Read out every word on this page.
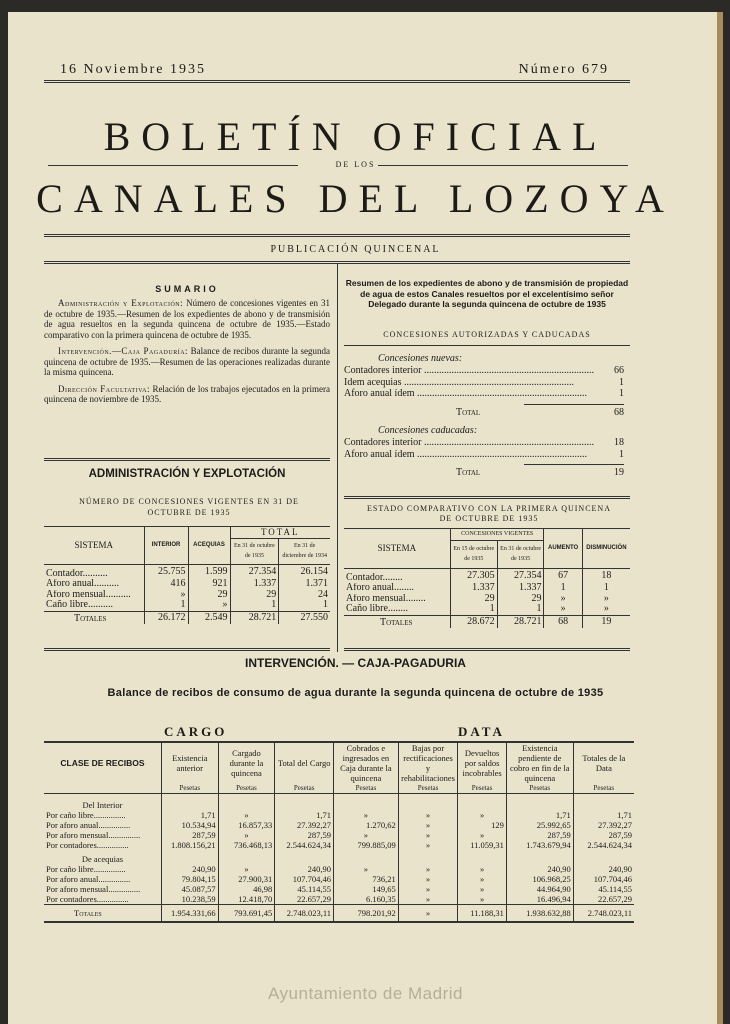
16 Noviembre 1935	Número 679
BOLETÍN OFICIAL
DE LOS
CANALES DEL LOZOYA
PUBLICACIÓN QUINCENAL
SUMARIO
Administración y Explotación: Número de concesiones vigentes en 31 de octubre de 1935.—Resumen de los expedientes de abono y de transmisión de agua resueltos en la segunda quincena de octubre de 1935.—Estado comparativo con la primera quincena de octubre de 1935.
Intervención.—Caja Pagaduría: Balance de recibos durante la segunda quincena de octubre de 1935.—Resumen de las operaciones realizadas durante la misma quincena.
Dirección Facultativa: Relación de los trabajos ejecutados en la primera quincena de noviembre de 1935.
ADMINISTRACIÓN Y EXPLOTACIÓN
NÚMERO DE CONCESIONES VIGENTES EN 31 DE OCTUBRE DE 1935
SISTEMA	INTERIOR	ACEQUIAS	TOTAL	
			En 31 de octubre de 1935	En 31 de diciembre de 1934
Contador..........	25.755	1.599	27.354	26.154
Aforo anual..........	416	921	1.337	1.371
Aforo mensual..........	»	29	29	24
Caño libre..........	1	»	1	1
Totales	26.172	2.549	28.721	27.550
Resumen de los expedientes de abono y de transmisión de propiedad de agua de estos Canales resueltos por el excelentísimo señor Delegado durante la segunda quincena de octubre de 1935
CONCESIONES AUTORIZADAS Y CADUCADAS
Concesiones nuevas:
Contadores interior ....................................................................	66
Idem acequias ....................................................................	1
Aforo anual ídem ....................................................................	1
Total	68
Concesiones caducadas:
Contadores interior ....................................................................	18
Aforo anual ídem ....................................................................	1
Total	19
ESTADO COMPARATIVO CON LA PRIMERA QUINCENA DE OCTUBRE DE 1935
SISTEMA	CONCESIONES VIGENTES		AUMENTO	DISMINUCIÓN
	En 15 de octubre de 1935	En 31 de octubre de 1935		
Contador........	27.305	27.354	67	18
Aforo anual........	1.337	1.337	1	1
Aforo mensual........	29	29	»	»
Caño libre........	1	1	»	»
Totales	28.672	28.721	68	19
INTERVENCIÓN. — CAJA-PAGADURIA
Balance de recibos de consumo de agua durante la segunda quincena de octubre de 1935
CARGO	DATA
CLASE DE RECIBOS	Existencia anterior	Cargado durante la quincena	Total del Cargo	Cobrados e ingresados en Caja durante la quincena	Bajas por rectificaciones y rehabilitaciones	Devueltos por saldos incobrables	Existencia pendiente de cobro en fin de la quincena	Totales de la Data
	Pesetas	Pesetas	Pesetas	Pesetas	Pesetas	Pesetas	Pesetas	Pesetas
Del Interior								
Por caño libre...............	1,71	»	1,71	»	»	»	1,71	1,71
Por aforo anual...............	10.534,94	16.857,33	27.392,27	1.270,62	»	129	25.992,65	27.392,27
Por aforo mensual...............	287,59	»	287,59	»	»	»	287,59	287,59
Por contadores...............	1.808.156,21	736.468,13	2.544.624,34	799.885,09	»	11.059,31	1.743.679,94	2.544.624,34
De acequias								
Por caño libre...............	240,90	»	240,90	»	»	»	240,90	240,90
Por aforo anual...............	79.804,15	27.900,31	107.704,46	736,21	»	»	106.968,25	107.704,46
Por aforo mensual...............	45.087,57	46,98	45.114,55	149,65	»	»	44.964,90	45.114,55
Por contadores...............	10.238,59	12.418,70	22.657,29	6.160,35	»	»	16.496,94	22.657,29
Totales	1.954.331,66	793.691,45	2.748.023,11	798.201,92	»	11.188,31	1.938.632,88	2.748.023,11
Ayuntamiento de Madrid
